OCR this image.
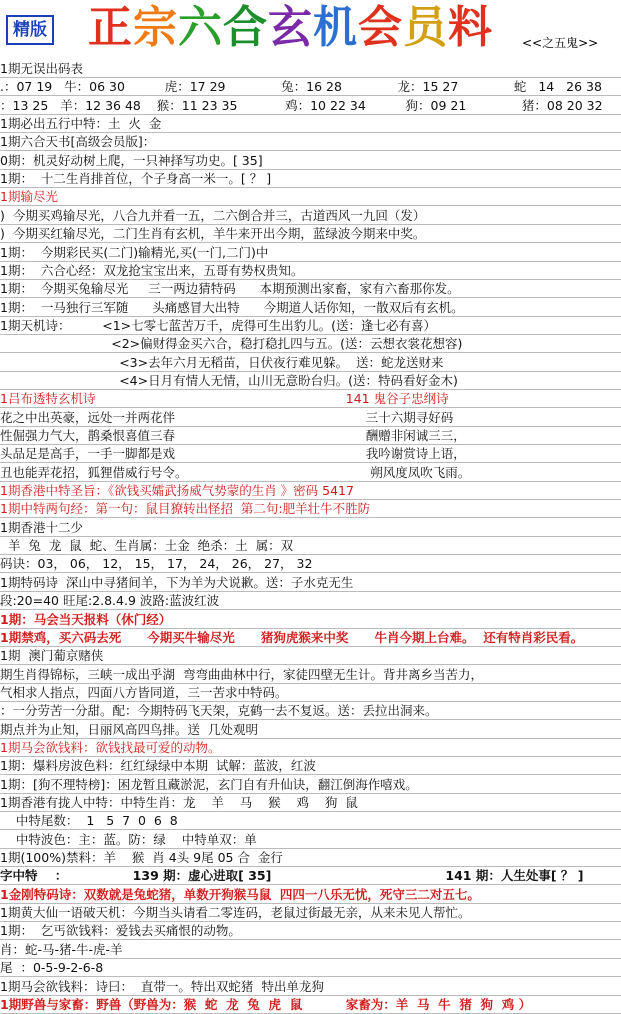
精版 正宗六合玄机会员料 <<之五鬼>>
1期无误出码表
.：07 19   牛：06 30          虎：17 29              兔：16 28              龙：15 27              蛇   14   26 38
：13 25   羊：12 36 48    猴：11 23 35            鸡：10 22 34          狗：09 21              猪：08 20 32
1期必出五行中特：土  火  金
1期六合天书[高级会员版]：
0期：机灵好动树上爬，一只神择写功史。[ 35]
1期：  十二生肖排首位，个子身高一米一。[ ？ ]
1期输尽光
)  今期买鸡输尽光，八合九并看一五，二六倒合并三，古道西风一九回（发）
)  今期买红输尽光，二门生肖有玄机，羊牛来开出今期，蓝绿波今期来中奖。
1期：  今期彩民买(二门)输精光,买(一门,二门)中
1期：  六合心经：双龙抢宝宝出来，五哥有势权贵知。
1期：  今期买兔输尽光     三一两边猜特码      本期预测出家畜，家有六畜那你发。
1期：  一马独行三军随      头痛感冒大出特      今期道人话你知，一散双后有玄机。
1期天机诗：        <1>七零七蓝苦万千，虎得可生出豹儿。(送：逢七必有喜）
<2>偏财得金买六合，稳打稳扎四与五。(送：云想衣裳花想容)
<3>去年六月无稻苗，日伏夜行难见躲。  送：蛇龙送财来
<4>日月有情人无情，山川无意盼台归。(送：特码看好金木)
1吕布透特玄机诗                                                               141 鬼谷子忠纲诗
花之中出英豪，远处一并两花伴                                                三十六期寻好码
性倔强力气大，鹊桑恨喜值三春                                                酬赠非闲诚三三，
头品足是高手，一手一脚都是戏                                                我吟谢赏诗上语，
丑也能弄花招，狐狸借威行号令。                                              朔风度凤吹飞雨。
1期香港中特圣旨：《欲钱买孀武扬威气势蒙的生肖 》密码 5417
1期中特两句经：第一句：鼠目獠转出怪招  第二句:肥羊壮牛不胜防
1期香港十二少
羊  兔  龙  鼠  蛇、生肖属：土金  绝杀：土  属：双
码诀：03， 06， 12， 15， 17， 24， 26， 27， 32
1期特码诗  深山中寻猪间羊，下为羊为犬说歉。送：子水克无生
段:20=40 旺尾:2.8.4.9 波路:蓝波红波
1期：马会当天报料（休门经）
1期禁鸡，买六码去死      今期买牛输尽光      猪狗虎猴来中奖      牛肖今期上台难。  还有特肖彩民看。
1期  澳门葡京赌侠
期生肖得锦标，三峡一成出乎湖  弯弯曲曲林中行，家徒四壁无生计。背井离乡当苦力，
气相求人指点，四面八方皆同道，三一苦求中特码。
：一分劳苦一分甜。配：今期特码飞天架，克鹤一去不复返。送：丢拉出洞来。
期点并为止知，日丽风高四鸟排。送  几处观明
1期马会欲钱料：欲钱找最可爱的动物。
1期：爆料房波色料：红红绿绿中本期  试解：蓝波，红波
1期：[狗不理特榜]：困龙暂且藏淤泥，玄门自有升仙诀，翻江倒海作嘻戏。
1期香港有拢人中特：中特生肖：龙    羊    马    猴    鸡    狗  鼠
中特尾数：  1   5  7  0  6  8
中特波色：主：蓝。防：绿    中特单双：单
1期(100%)禁料：羊    猴  肖 4头 9尾 05 合  金行
字中特    ：               139 期：虚心进取[ 35]                                        141 期：人生处事[ ？ ]
1金刚特码诗：双数就是兔蛇猪，单数开狗猴马鼠  四四一八乐无忧，死守三二对五七。
1期黄大仙一语破天机：今期当头请看二零连码，老鼠过街最无亲，从来未见人帮忙。
1期：  乞丐欲钱料：爱钱去买痛恨的动物。
肖：蛇-马-猪-牛-虎-羊
尾  ：0-5-9-2-6-8
1期马会欲钱料：诗曰：  直带一。特出双蛇猪  特出单龙狗
1期野兽与家畜：野兽（野兽为：猴  蛇  龙  兔  虎  鼠          家畜为：羊  马  牛  猪  狗  鸡 ）
